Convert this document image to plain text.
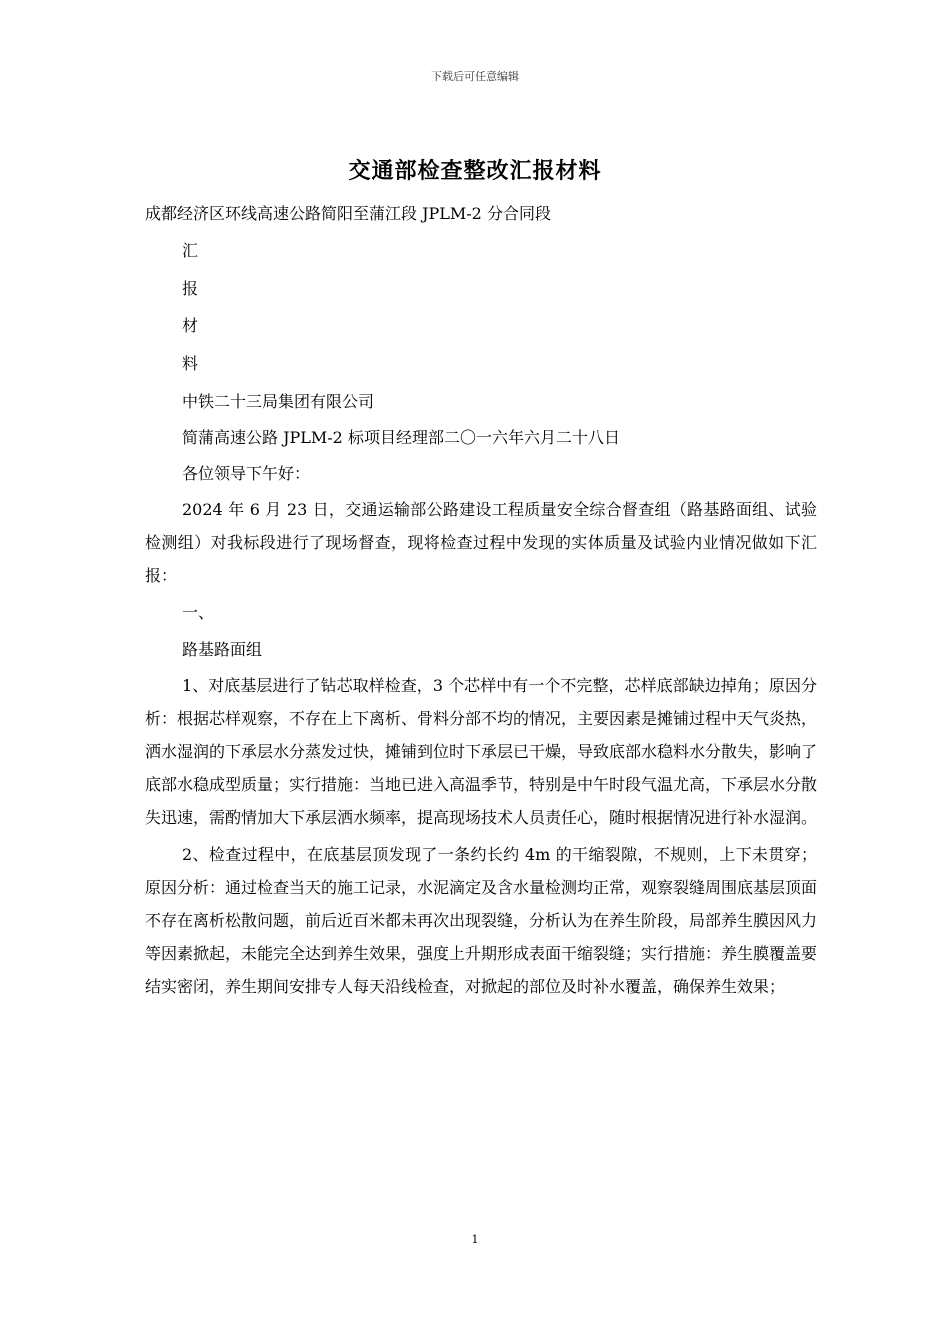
下载后可任意编辑
交通部检查整改汇报材料

成都经济区环线高速公路简阳至蒲江段 JPLM-2 分合同段

汇

报

材

料

中铁二十三局集团有限公司

简蒲高速公路 JPLM-2 标项目经理部二〇一六年六月二十八日

各位领导下午好：

2024 年 6 月 23 日，交通运输部公路建设工程质量安全综合督查组（路基路面组、试验检测组）对我标段进行了现场督查，现将检查过程中发现的实体质量及试验内业情况做如下汇报：

一、

路基路面组

1、对底基层进行了钻芯取样检查，3 个芯样中有一个不完整，芯样底部缺边掉角；原因分析：根据芯样观察，不存在上下离析、骨料分部不均的情况，主要因素是摊铺过程中天气炎热，洒水湿润的下承层水分蒸发过快，摊铺到位时下承层已干燥，导致底部水稳料水分散失，影响了底部水稳成型质量；实行措施：当地已进入高温季节，特别是中午时段气温尤高，下承层水分散失迅速，需酌情加大下承层洒水频率，提高现场技术人员责任心，随时根据情况进行补水湿润。

2、检查过程中，在底基层顶发现了一条约长约 4m 的干缩裂隙，不规则，上下未贯穿；原因分析：通过检查当天的施工记录，水泥滴定及含水量检测均正常，观察裂缝周围底基层顶面不存在离析松散问题，前后近百米都未再次出现裂缝，分析认为在养生阶段，局部养生膜因风力等因素掀起，未能完全达到养生效果，强度上升期形成表面干缩裂缝；实行措施：养生膜覆盖要结实密闭，养生期间安排专人每天沿线检查，对掀起的部位及时补水覆盖，确保养生效果；

1
